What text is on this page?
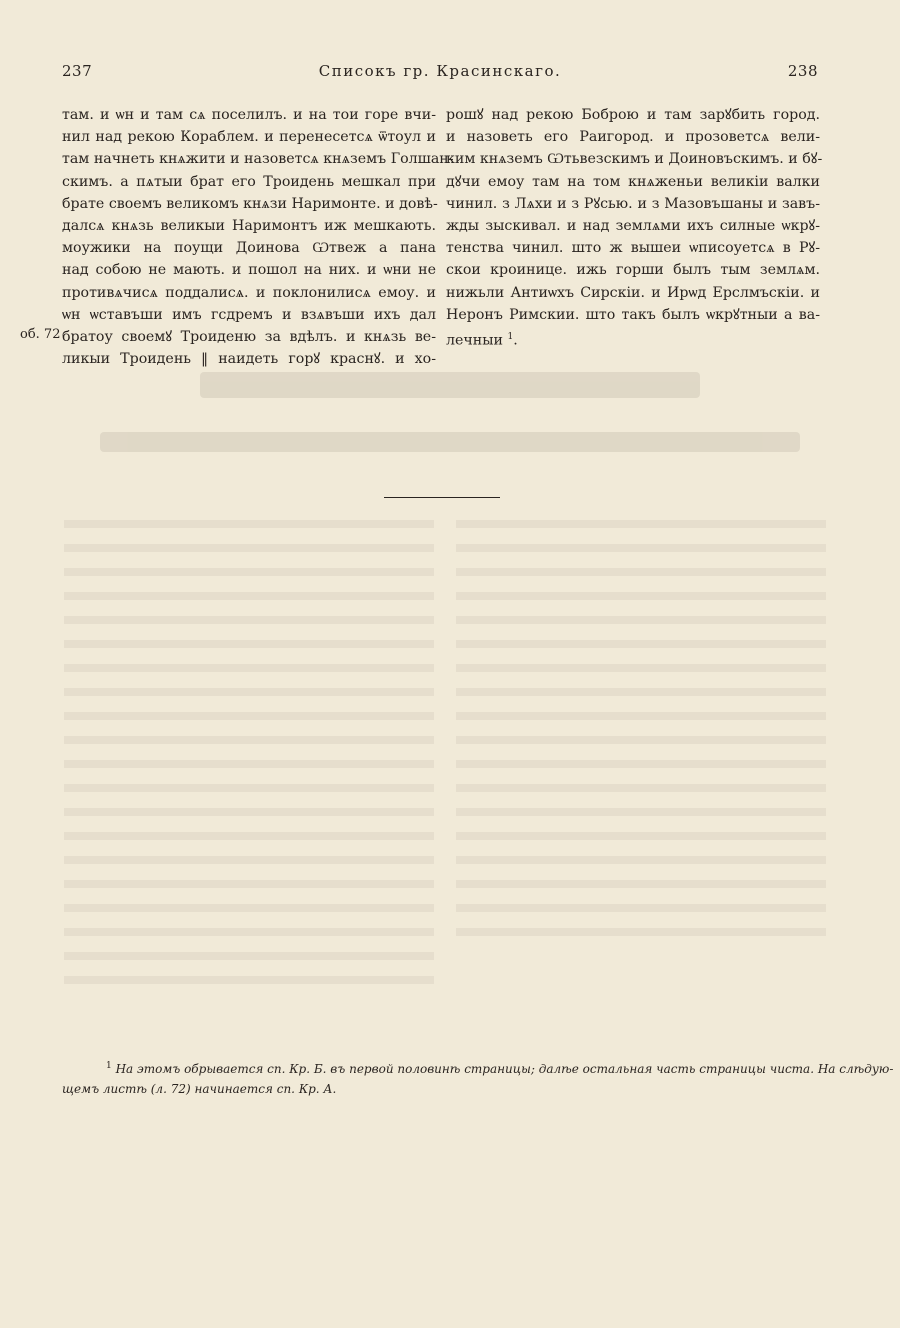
237	Списокъ гр. Красинскаго.	238
об. 72
там. и ѡн и там сѧ поселилъ. и на тои горе вчи-
нил над рекою Кораблем. и перенесетсѧ ѿтоул и
там начнеть кнѧжити и назоветсѧ кнѧземъ Голшан-
скимъ. а пѧтыи брат его Троидень мешкал при
брате своемъ великомъ кнѧзи Наримонте. и довѣ-
далсѧ кнѧзь великыи Наримонтъ иж мешкають.
моужики на поущи Доинова Ѡтвеж а пана
над собою не мають. и пошол на них. и ѡни не
противѧчисѧ поддалисѧ. и поклонилисѧ емоу. и
ѡн ѡставъши имъ гсдремъ и взѧвъши ихъ дал
братоу своемꙋ Троиденю за вдѣлъ. и кнѧзь ве-
ликыи Троидень ‖ наидеть горꙋ краснꙋ. и хо-
рошꙋ над рекою Боброю и там зарꙋбить город.
и назоветь его Раигород. и прозоветсѧ вели-
ким кнѧземъ Ѡтьвезскимъ и Доиновъскимъ. и бꙋ-
дꙋчи емоу там на том кнѧженьи великіи валки
чинил. з Лѧхи и з Рꙋсью. и з Мазовъшаны и завъ-
жды зыскивал. и над землѧми ихъ силные ѡкрꙋ-
тенства чинил. што ж вышеи ѡписоуетсѧ в Рꙋ-
скои кроинице. ижь горши былъ тым землѧм.
нижьли Антиѡхъ Сирскіи. и Ирѡд Ерслмъскіи. и
Неронъ Римскии. што такъ былъ ѡкрꙋтныи а ва-
лечныи $^1$.
$^1$ На этомъ обрывается сп. Кр. Б. въ первой половинѣ страницы; далѣе остальная часть страницы чиста. На слѣдую-
щемъ листѣ (л. 72) начинается сп. Кр. А.
